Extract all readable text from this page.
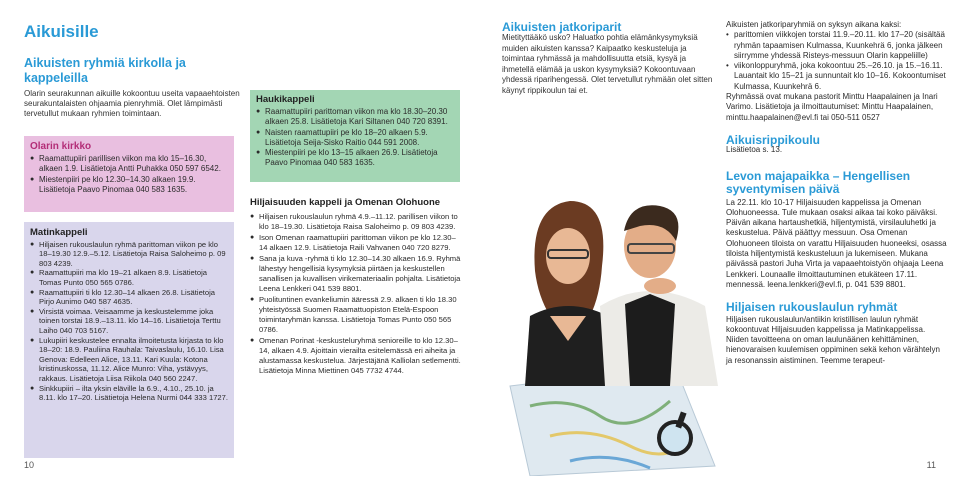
Aikuisille
Aikuisten ryhmiä kirkolla ja kappeleilla

Olarin seurakunnan aikuille kokoontuu useita vapaaehtoisten seurakuntalaisten ohjaamia pienryhmiä. Olet lämpimästi tervetullut mukaan ryhmien toimintaan.

Olarin kirkko
● Raamattupiiri parillisen viikon ma klo 15–16.30, alkaen 1.9. Lisätietoja Antti Puhakka 050 597 6542.
● Miestenpiiri pe klo 12.30–14.30 alkaen 19.9. Lisätietoja Paavo Pinomaa 040 583 1635.
Matinkappeli
● Hiljaisen rukouslaulun ryhmä parittoman viikon pe klo 18–19.30 12.9.–5.12. Lisätietoja Raisa Saloheimo p. 09 803 4239.
● Raamattupiiri ma klo 19–21 alkaen 8.9. Lisätietoja Tomas Punto 050 565 0786.
● Raamattupiiri ti klo 12.30–14 alkaen 26.8. Lisätietoja Pirjo Aunimo 040 587 4635.
● Virsistä voimaa. Veisaamme ja keskustelemme joka toinen torstai 18.9.–13.11. klo 14–16. Lisätietoja Terttu Laiho 040 703 5167.
● Lukupiiri keskustelee ennalta ilmoitetusta kirjasta to klo 18–20: 18.9. Pauliina Rauhala: Taivaslaulu, 16.10. Lisa Genova: Edelleen Alice, 13.11. Kari Kuula: Kotona kristinuskossa, 11.12. Alice Munro: Viha, ystävyys, rakkaus. Lisätietoja Liisa Riikola 040 560 2247.
● Sinkkupiiri – ilta yksin eläville la 6.9., 4.10., 25.10. ja 8.11. klo 17–20. Lisätietoja Helena Nurmi 044 333 1727.
Haukikappeli
● Raamattupiiri parittoman viikon ma klo 18.30–20.30 alkaen 25.8. Lisätietoja Kari Siltanen 040 720 8391.
● Naisten raamattupiiri pe klo 18–20 alkaen 5.9. Lisätietoja Seija-Sisko Raitio 044 591 2008.
● Miestenpiiri pe klo 13–15 alkaen 26.9. Lisätietoja Paavo Pinomaa 040 583 1635.
Hiljaisuuden kappeli ja Omenan Olohuone
● Hiljaisen rukouslaulun ryhmä 4.9.–11.12. parillisen viikon to klo 18–19.30. Lisätietoja Raisa Saloheimo p. 09 803 4239.
● Ison Omenan raamattupiiri parittoman viikon pe klo 12.30–14 alkaen 12.9. Lisätietoja Raili Vahvanen 040 720 8279.
● Sana ja kuva -ryhmä ti klo 12.30–14.30 alkaen 16.9. Ryhmä lähestyy hengellisiä kysymyksiä piirtäen ja keskustellen sanallisen ja kuvallisen virikemateriaalin pohjalta. Lisätietoja Leena Lenkkeri 041 539 8801.
● Puolituntinen evankeliumin ääressä 2.9. alkaen ti klo 18.30 yhteistyössä Suomen Raamattuopiston Etelä-Espoon toimintaryhmän kanssa. Lisätietoja Tomas Punto 050 565 0786.
● Omenan Porinat -keskusteluryhmä senioreille to klo 12.30–14, alkaen 4.9. Ajoittain vierailta esitelemässä eri aiheita ja alustamassa keskustelua. Järjestäjänä Kalliolan setlementti. Lisätietoja Minna Miettinen 045 7732 4744.
10
Aikuisten jatkoriparit

Mietityttääkö usko? Haluatko pohtia elämänkysymyksiä muiden aikuisten kanssa? Kaipaatko keskusteluja ja toimintaa ryhmässä ja mahdollisuutta etsiä, kysyä ja ihmetellä elämää ja uskon kysymyksiä? Kokoontuvaan yhdessä riparihengessä. Olet tervetullut ryhmään olet sitten käynyt rippikoulun tai et.

Aikuisten jatkoriparyhmiä on syksyn aikana kaksi:

• parittomien viikkojen torstai 11.9.–20.11. klo 17–20 (sisältää ryhmän tapaamisen Kulmassa, Kuunkehrä 6, jonka jälkeen siirrymme yhdessä Risteys-messuun Olarin kappeliille)
• viikonloppuryhmä, joka kokoontuu 25.–26.10. ja 15.–16.11. Lauantait klo 15–21 ja sunnuntait klo 10–16. Kokoontumiset Kulmassa, Kuunkehrä 6.

Ryhmässä ovat mukana pastorit Minttu Haapalainen ja Inari Varimo. Lisätietoja ja ilmoittautumiset: Minttu Haapalainen, minttu.haapalainen@evl.fi tai 050-511 0527

Aikuisrippikoulu

Lisätietoa s. 13.

Levon majapaikka – Hengellisen syventymisen päivä

La 22.11. klo 10-17 Hiljaisuuden kappelissa ja Omenan Olohuoneessa. Tule mukaan osaksi aikaa tai koko päiväksi. Päivän aikana hartaushetkiä, hiljentymistä, virsilauluhetki ja keskustelua. Päivä päättyy messuun. Osa Omenan Olohuoneen tiloista on varattu Hiljaisuuden huoneeksi, osassa tiloista hiljentymistä keskusteluun ja lukemiseen. Mukana päivässä pastori Juha Virta ja vapaaehtoistyön ohjaaja Leena Lenkkeri. Lounaalle ilmoittautuminen etukäteen 17.11. mennessä. leena.lenkkeri@evl.fi, p. 041 539 8801.

Hiljaisen rukouslaulun ryhmät

Hiljaisen rukouslaulun/antiikin kristillisen laulun ryhmät kokoontuvat Hiljaisuuden kappelissa ja Matinkappelissa. Niiden tavoitteena on oman laulunäänen kehittäminen, hienovaraisen kuulemisen oppiminen sekä kehon värähtelyn ja resonanssin aistiminen. Teemme terapeut-

11
